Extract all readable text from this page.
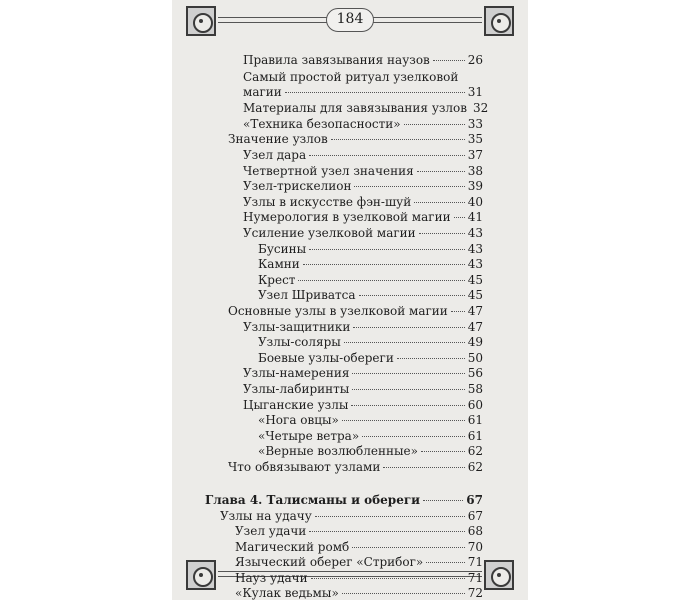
184
Правила завязывания наузов	26
Самый простой ритуал узелковой
магии	31
Материалы для завязывания узлов 32
«Техника безопасности»	33
Значение узлов	35
Узел дара	37
Четвертной узел значения	38
Узел-трискелион	39
Узлы в искусстве фэн-шуй	40
Нумерология в узелковой магии 41
Усиление узелковой магии	43
Бусины	43
Камни	43
Крест	45
Узел Шриватса	45
Основные узлы в узелковой магии 47
Узлы-защитники	47
Узлы-соляры	49
Боевые узлы-обереги	50
Узлы-намерения	56
Узлы-лабиринты	58
Цыганские узлы	60
«Нога овцы»	61
«Четыре ветра»	61
«Верные возлюбленные»	62
Что обвязывают узлами	62
Глава 4. Талисманы и обереги	67
Узлы на удачу	67
Узел удачи	68
Магический ромб	70
Языческий оберег «Стрибог»	71
Науз удачи	71
«Кулак ведьмы»	72
